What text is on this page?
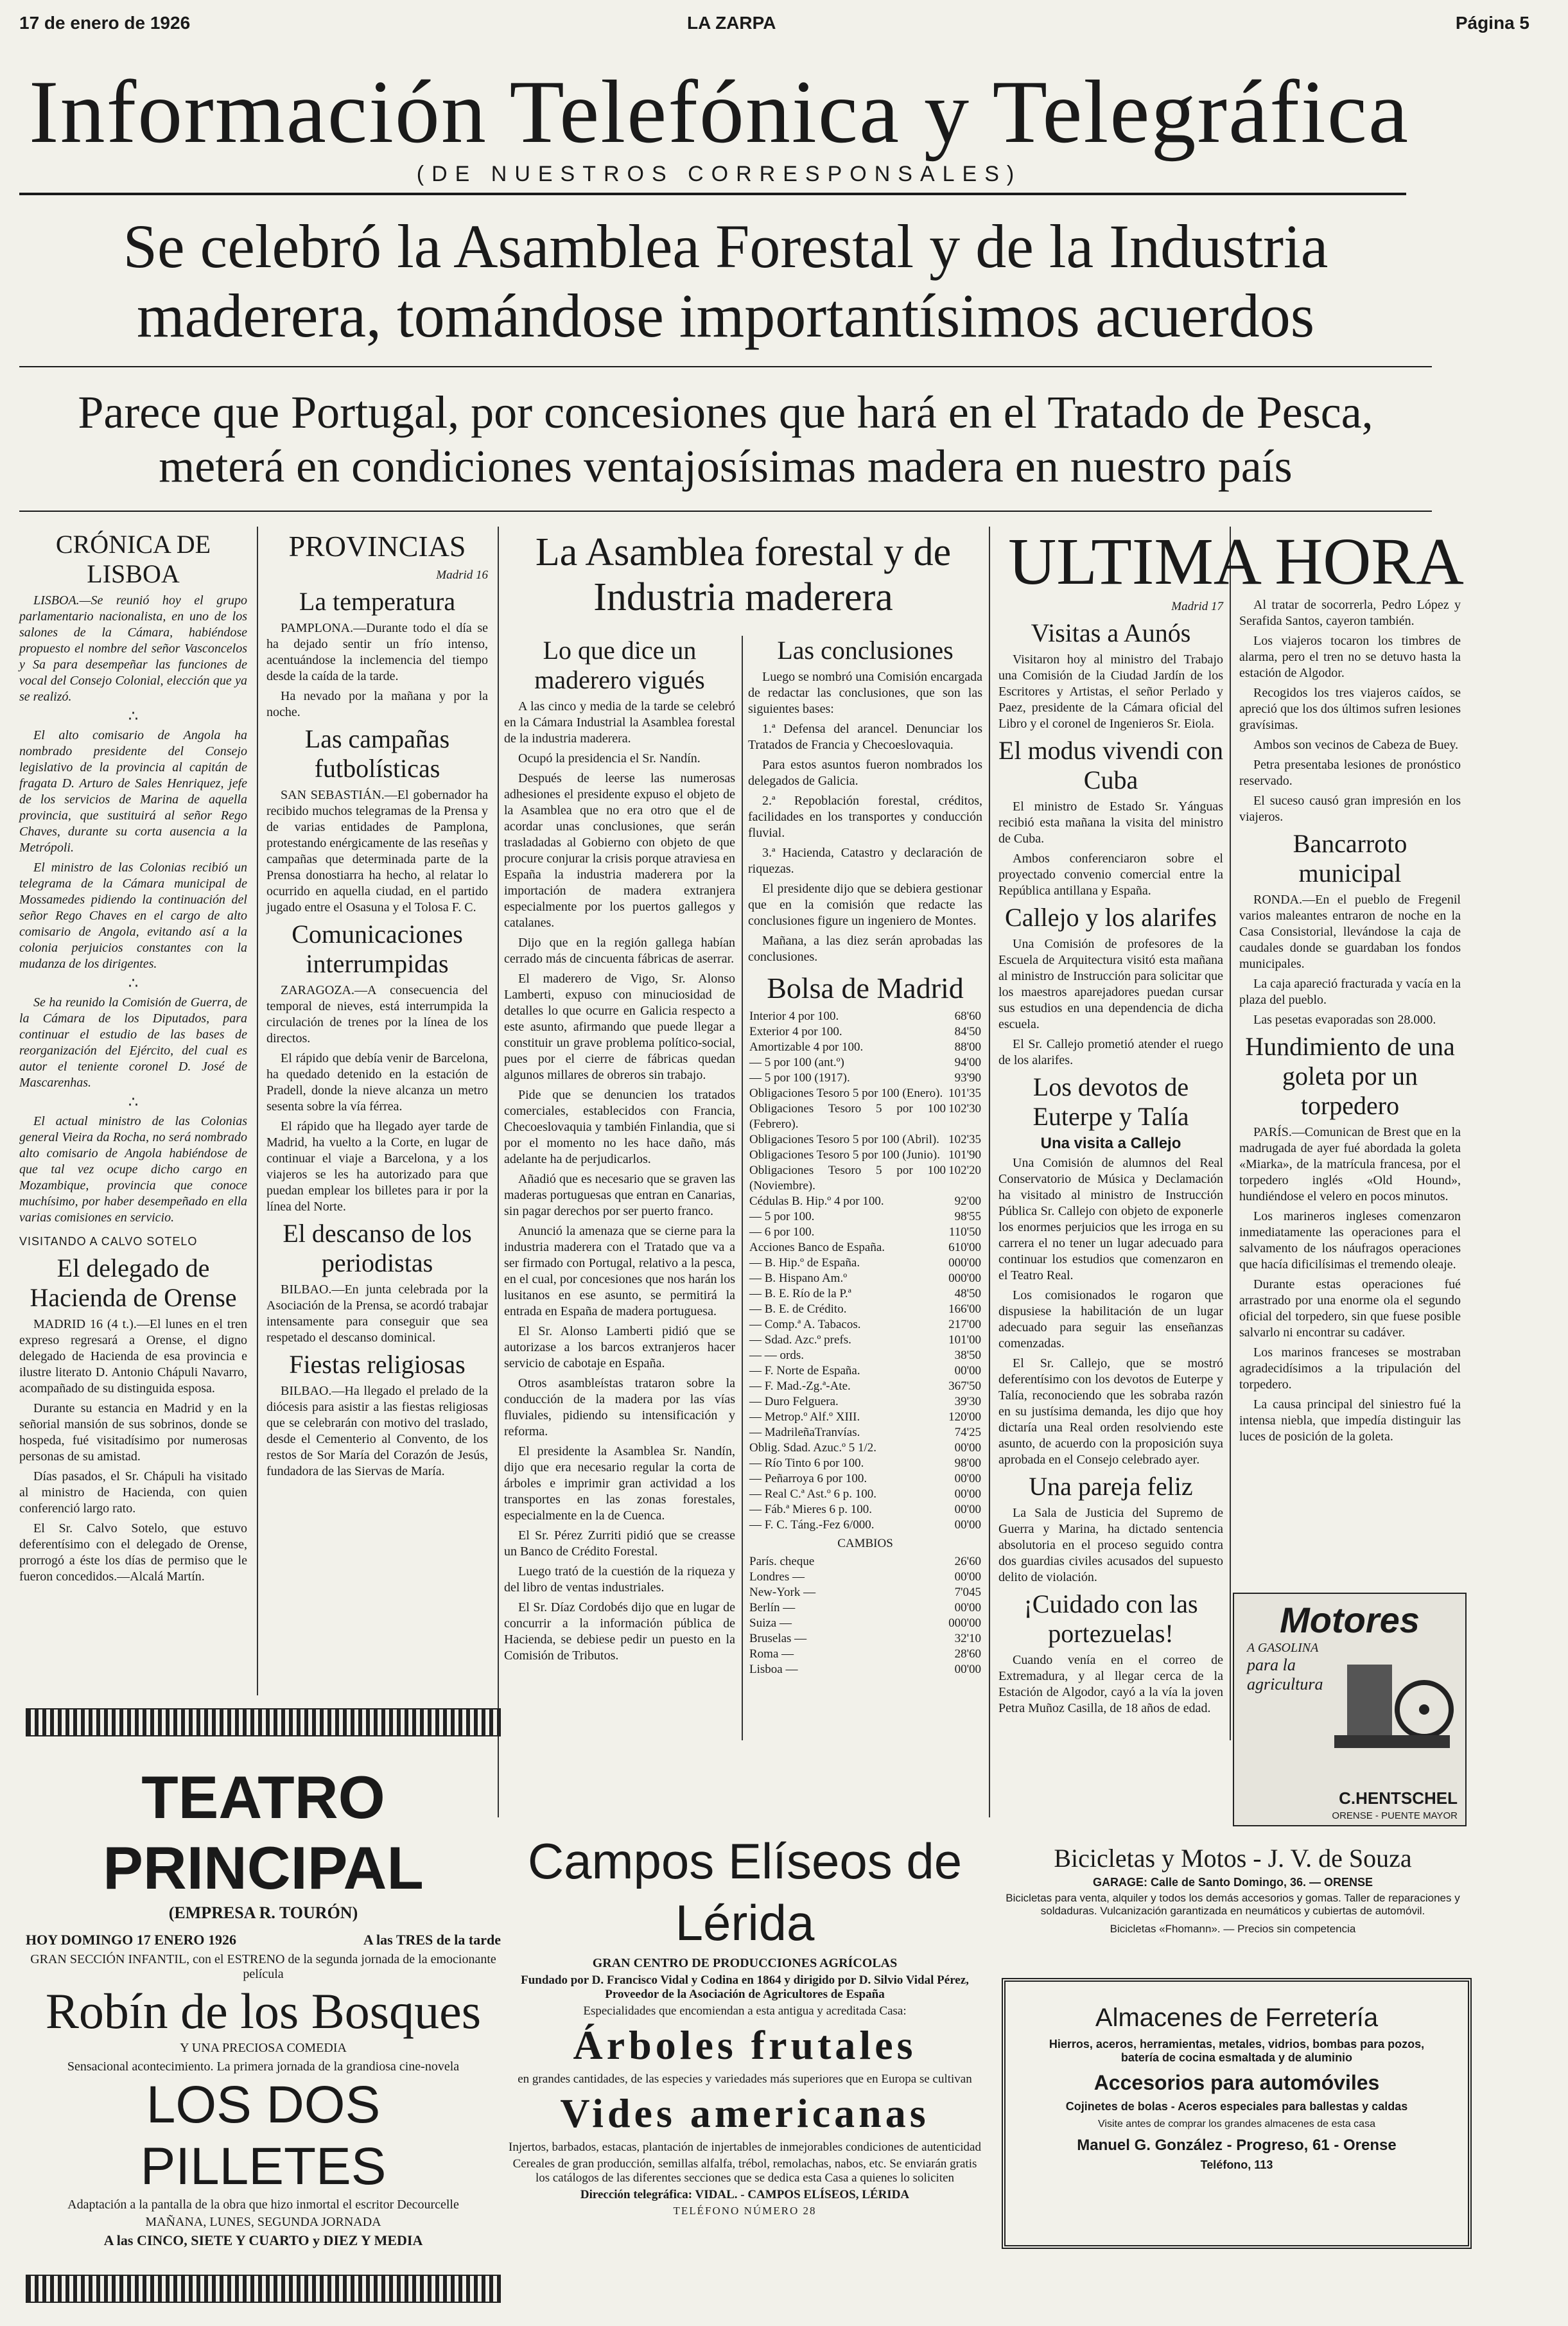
17 de enero de 1926	LA ZARPA	Página 5
Información Telefónica y Telegráfica
(DE NUESTROS CORRESPONSALES)
Se celebró la Asamblea Forestal y de la Industria maderera, tomándose importantísimos acuerdos
Parece que Portugal, por concesiones que hará en el Tratado de Pesca, meterá en condiciones ventajosísimas madera en nuestro país
CRÓNICA DE LISBOA

LISBOA.—Se reunió hoy el grupo parlamentario nacionalista, en uno de los salones de la Cámara, habiéndose propuesto el nombre del señor Vasconcelos y Sa para desempeñar las funciones de vocal del Consejo Colonial, elección que ya se realizó.

∴

El alto comisario de Angola ha nombrado presidente del Consejo legislativo de la provincia al capitán de fragata D. Arturo de Sales Henriquez, jefe de los servicios de Marina de aquella provincia, que sustituirá al señor Rego Chaves, durante su corta ausencia a la Metrópoli.

El ministro de las Colonias recibió un telegrama de la Cámara municipal de Mossamedes pidiendo la continuación del señor Rego Chaves en el cargo de alto comisario de Angola, evitando así a la colonia perjuicios constantes con la mudanza de los dirigentes.

∴

Se ha reunido la Comisión de Guerra, de la Cámara de los Diputados, para continuar el estudio de las bases de reorganización del Ejército, del cual es autor el teniente coronel D. José de Mascarenhas.

∴

El actual ministro de las Colonias general Vieira da Rocha, no será nombrado alto comisario de Angola habiéndose de que tal vez ocupe dicho cargo en Mozambique, provincia que conoce muchísimo, por haber desempeñado en ella varias comisiones en servicio.

VISITANDO A CALVO SOTELO
El delegado de Hacienda de Orense

MADRID 16 (4 t.).—El lunes en el tren expreso regresará a Orense, el digno delegado de Hacienda de esa provincia e ilustre literato D. Antonio Chápuli Navarro, acompañado de su distinguida esposa.

Durante su estancia en Madrid y en la señorial mansión de sus sobrinos, donde se hospeda, fué visitadísimo por numerosas personas de su amistad.

Días pasados, el Sr. Chápuli ha visitado al ministro de Hacienda, con quien conferenció largo rato.

El Sr. Calvo Sotelo, que estuvo deferentísimo con el delegado de Orense, prorrogó a éste los días de permiso que le fueron concedidos.—Alcalá Martín.

PROVINCIAS
Madrid 16
La temperatura

PAMPLONA.—Durante todo el día se ha dejado sentir un frío intenso, acentuándose la inclemencia del tiempo desde la caída de la tarde.

Ha nevado por la mañana y por la noche.

Las campañas futbolísticas

SAN SEBASTIÁN.—El gobernador ha recibido muchos telegramas de la Prensa y de varias entidades de Pamplona, protestando enérgicamente de las reseñas y campañas que determinada parte de la Prensa donostiarra ha hecho, al relatar lo ocurrido en aquella ciudad, en el partido jugado entre el Osasuna y el Tolosa F. C.

Comunicaciones interrumpidas

ZARAGOZA.—A consecuencia del temporal de nieves, está interrumpida la circulación de trenes por la línea de los directos.

El rápido que debía venir de Barcelona, ha quedado detenido en la estación de Pradell, donde la nieve alcanza un metro sesenta sobre la vía férrea.

El rápido que ha llegado ayer tarde de Madrid, ha vuelto a la Corte, en lugar de continuar el viaje a Barcelona, y a los viajeros se les ha autorizado para que puedan emplear los billetes para ir por la línea del Norte.

El descanso de los periodistas

BILBAO.—En junta celebrada por la Asociación de la Prensa, se acordó trabajar intensamente para conseguir que sea respetado el descanso dominical.

Fiestas religiosas

BILBAO.—Ha llegado el prelado de la diócesis para asistir a las fiestas religiosas que se celebrarán con motivo del traslado, desde el Cementerio al Convento, de los restos de Sor María del Corazón de Jesús, fundadora de las Siervas de María.

La Asamblea forestal y de Industria maderera
Lo que dice un maderero vigués

A las cinco y media de la tarde se celebró en la Cámara Industrial la Asamblea forestal de la industria maderera.

Ocupó la presidencia el Sr. Nandín.

Después de leerse las numerosas adhesiones el presidente expuso el objeto de la Asamblea que no era otro que el de acordar unas conclusiones, que serán trasladadas al Gobierno con objeto de que procure conjurar la crisis porque atraviesa en España la industria maderera por la importación de madera extranjera especialmente por los puertos gallegos y catalanes.

Dijo que en la región gallega habían cerrado más de cincuenta fábricas de aserrar.

El maderero de Vigo, Sr. Alonso Lamberti, expuso con minuciosidad de detalles lo que ocurre en Galicia respecto a este asunto, afirmando que puede llegar a constituir un grave problema político-social, pues por el cierre de fábricas quedan algunos millares de obreros sin trabajo.

Pide que se denuncien los tratados comerciales, establecidos con Francia, Checoeslovaquia y también Finlandia, que si por el momento no les hace daño, más adelante ha de perjudicarlos.

Añadió que es necesario que se graven las maderas portuguesas que entran en Canarias, sin pagar derechos por ser puerto franco.

Anunció la amenaza que se cierne para la industria maderera con el Tratado que va a ser firmado con Portugal, relativo a la pesca, en el cual, por concesiones que nos harán los lusitanos en ese asunto, se permitirá la entrada en España de madera portuguesa.

El Sr. Alonso Lamberti pidió que se autorizase a los barcos extranjeros hacer servicio de cabotaje en España.

Otros asambleístas trataron sobre la conducción de la madera por las vías fluviales, pidiendo su intensificación y reforma.

El presidente la Asamblea Sr. Nandín, dijo que era necesario regular la corta de árboles e imprimir gran actividad a los transportes en las zonas forestales, especialmente en la de Cuenca.

El Sr. Pérez Zurriti pidió que se creasse un Banco de Crédito Forestal.

Luego trató de la cuestión de la riqueza y del libro de ventas industriales.

El Sr. Díaz Cordobés dijo que en lugar de concurrir a la información pública de Hacienda, se debiese pedir un puesto en la Comisión de Tributos.

Las conclusiones

Luego se nombró una Comisión encargada de redactar las conclusiones, que son las siguientes bases:

1.ª Defensa del arancel. Denunciar los Tratados de Francia y Checoeslovaquia.

Para estos asuntos fueron nombrados los delegados de Galicia.

2.ª Repoblación forestal, créditos, facilidades en los transportes y conducción fluvial.

3.ª Hacienda, Catastro y declaración de riquezas.

El presidente dijo que se debiera gestionar que en la comisión que redacte las conclusiones figure un ingeniero de Montes.

Mañana, a las diez serán aprobadas las conclusiones.

Bolsa de Madrid
Interior 4 por 100.	68'60
Exterior 4 por 100.	84'50
Amortizable 4 por 100.	88'00
— 5 por 100 (ant.º)	94'00
— 5 por 100 (1917).	93'90
Obligaciones Tesoro 5 por 100 (Enero).	101'35
Obligaciones Tesoro 5 por 100 (Febrero).	102'30
Obligaciones Tesoro 5 por 100 (Abril).	102'35
Obligaciones Tesoro 5 por 100 (Junio).	101'90
Obligaciones Tesoro 5 por 100 (Noviembre).	102'20
Cédulas B. Hip.º 4 por 100.	92'00
— 5 por 100.	98'55
— 6 por 100.	110'50
Acciones Banco de España.	610'00
— B. Hip.º de España.	000'00
— B. Hispano Am.º	000'00
— B. E. Río de la P.ª	48'50
— B. E. de Crédito.	166'00
— Comp.ª A. Tabacos.	217'00
— Sdad. Azc.º prefs.	101'00
— — ords.	38'50
— F. Norte de España.	00'00
— F. Mad.-Zg.ª-Ate.	367'50
— Duro Felguera.	39'30
— Metrop.º Alf.º XIII.	120'00
— MadrileñaTranvías.	74'25
Oblig. Sdad. Azuc.º 5 1/2.	00'00
— Río Tinto 6 por 100.	98'00
— Peñarroya 6 por 100.	00'00
— Real C.ª Ast.º 6 p. 100.	00'00
— Fáb.ª Mieres 6 p. 100.	00'00
— F. C. Táng.-Fez 6/000.	00'00
CAMBIOS
París. cheque	26'60
Londres —	00'00
New-York —	7'045
Berlín —	00'00
Suiza —	000'00
Bruselas —	32'10
Roma —	28'60
Lisboa —	00'00
ULTIMA HORA
Madrid 17
Visitas a Aunós

Visitaron hoy al ministro del Trabajo una Comisión de la Ciudad Jardín de los Escritores y Artistas, el señor Perlado y Paez, presidente de la Cámara oficial del Libro y el coronel de Ingenieros Sr. Eiola.

El modus vivendi con Cuba

El ministro de Estado Sr. Yánguas recibió esta mañana la visita del ministro de Cuba.

Ambos conferenciaron sobre el proyectado convenio comercial entre la República antillana y España.

Callejo y los alarifes

Una Comisión de profesores de la Escuela de Arquitectura visitó esta mañana al ministro de Instrucción para solicitar que los maestros aparejadores puedan cursar sus estudios en una dependencia de dicha escuela.

El Sr. Callejo prometió atender el ruego de los alarifes.

Los devotos de Euterpe y Talía
Una visita a Callejo

Una Comisión de alumnos del Real Conservatorio de Música y Declamación ha visitado al ministro de Instrucción Pública Sr. Callejo con objeto de exponerle los enormes perjuicios que les irroga en su carrera el no tener un lugar adecuado para continuar los estudios que comenzaron en el Teatro Real.

Los comisionados le rogaron que dispusiese la habilitación de un lugar adecuado para seguir las enseñanzas comenzadas.

El Sr. Callejo, que se mostró deferentísimo con los devotos de Euterpe y Talía, reconociendo que les sobraba razón en su justísima demanda, les dijo que hoy dictaría una Real orden resolviendo este asunto, de acuerdo con la proposición suya aprobada en el Consejo celebrado ayer.

Una pareja feliz

La Sala de Justicia del Supremo de Guerra y Marina, ha dictado sentencia absolutoria en el proceso seguido contra dos guardias civiles acusados del supuesto delito de violación.

¡Cuidado con las portezuelas!

Cuando venía en el correo de Extremadura, y al llegar cerca de la Estación de Algodor, cayó a la vía la joven Petra Muñoz Casilla, de 18 años de edad.

Al tratar de socorrerla, Pedro López y Serafida Santos, cayeron también.

Los viajeros tocaron los timbres de alarma, pero el tren no se detuvo hasta la estación de Algodor.

Recogidos los tres viajeros caídos, se apreció que los dos últimos sufren lesiones gravísimas.

Ambos son vecinos de Cabeza de Buey.

Petra presentaba lesiones de pronóstico reservado.

El suceso causó gran impresión en los viajeros.

Bancarroto municipal

RONDA.—En el pueblo de Fregenil varios maleantes entraron de noche en la Casa Consistorial, llevándose la caja de caudales donde se guardaban los fondos municipales.

La caja apareció fracturada y vacía en la plaza del pueblo.

Las pesetas evaporadas son 28.000.

Hundimiento de una goleta por un torpedero

PARÍS.—Comunican de Brest que en la madrugada de ayer fué abordada la goleta «Miarka», de la matrícula francesa, por el torpedero inglés «Old Hound», hundiéndose el velero en pocos minutos.

Los marineros ingleses comenzaron inmediatamente las operaciones para el salvamento de los náufragos operaciones que hacía dificilísimas el tremendo oleaje.

Durante estas operaciones fué arrastrado por una enorme ola el segundo oficial del torpedero, sin que fuese posible salvarlo ni encontrar su cadáver.

Los marinos franceses se mostraban agradecidísimos a la tripulación del torpedero.

La causa principal del siniestro fué la intensa niebla, que impedía distinguir las luces de posición de la goleta.

TEATRO PRINCIPAL
(EMPRESA R. TOURÓN)
HOY DOMINGO 17 ENERO 1926	A las TRES de la tarde
GRAN SECCIÓN INFANTIL, con el ESTRENO de la segunda jornada de la emocionante película
Robín de los Bosques
Y UNA PRECIOSA COMEDIA
Sensacional acontecimiento. La primera jornada de la grandiosa cine-novela
LOS DOS PILLETES
Adaptación a la pantalla de la obra que hizo inmortal el escritor Decourcelle
MAÑANA, LUNES, SEGUNDA JORNADA
A las CINCO, SIETE Y CUARTO y DIEZ Y MEDIA
Campos Elíseos de Lérida
GRAN CENTRO DE PRODUCCIONES AGRÍCOLAS
Fundado por D. Francisco Vidal y Codina en 1864 y dirigido por D. Silvio Vidal Pérez, Proveedor de la Asociación de Agricultores de España
Especialidades que encomiendan a esta antigua y acreditada Casa:
Árboles frutales
en grandes cantidades, de las especies y variedades más superiores que en Europa se cultivan
Vides americanas
Injertos, barbados, estacas, plantación de injertables de inmejorables condiciones de autenticidad
Cereales de gran producción, semillas alfalfa, trébol, remolachas, nabos, etc. Se enviarán gratis los catálogos de las diferentes secciones que se dedica esta Casa a quienes lo soliciten
Dirección telegráfica: VIDAL. - CAMPOS ELÍSEOS, LÉRIDA
TELÉFONO NÚMERO 28
Motores
A GASOLINA
para la agricultura
C.HENTSCHEL
ORENSE - PUENTE MAYOR
Bicicletas y Motos - J. V. de Souza
GARAGE: Calle de Santo Domingo, 36. — ORENSE
Bicicletas para venta, alquiler y todos los demás accesorios y gomas. Taller de reparaciones y soldaduras. Vulcanización garantizada en neumáticos y cubiertas de automóvil.
Bicicletas «Fhomann». — Precios sin competencia
Almacenes de Ferretería
Hierros, aceros, herramientas, metales, vidrios, bombas para pozos, batería de cocina esmaltada y de aluminio
Accesorios para automóviles
Cojinetes de bolas - Aceros especiales para ballestas y caldas
Visite antes de comprar los grandes almacenes de esta casa
Manuel G. González - Progreso, 61 - Orense
Teléfono, 113
